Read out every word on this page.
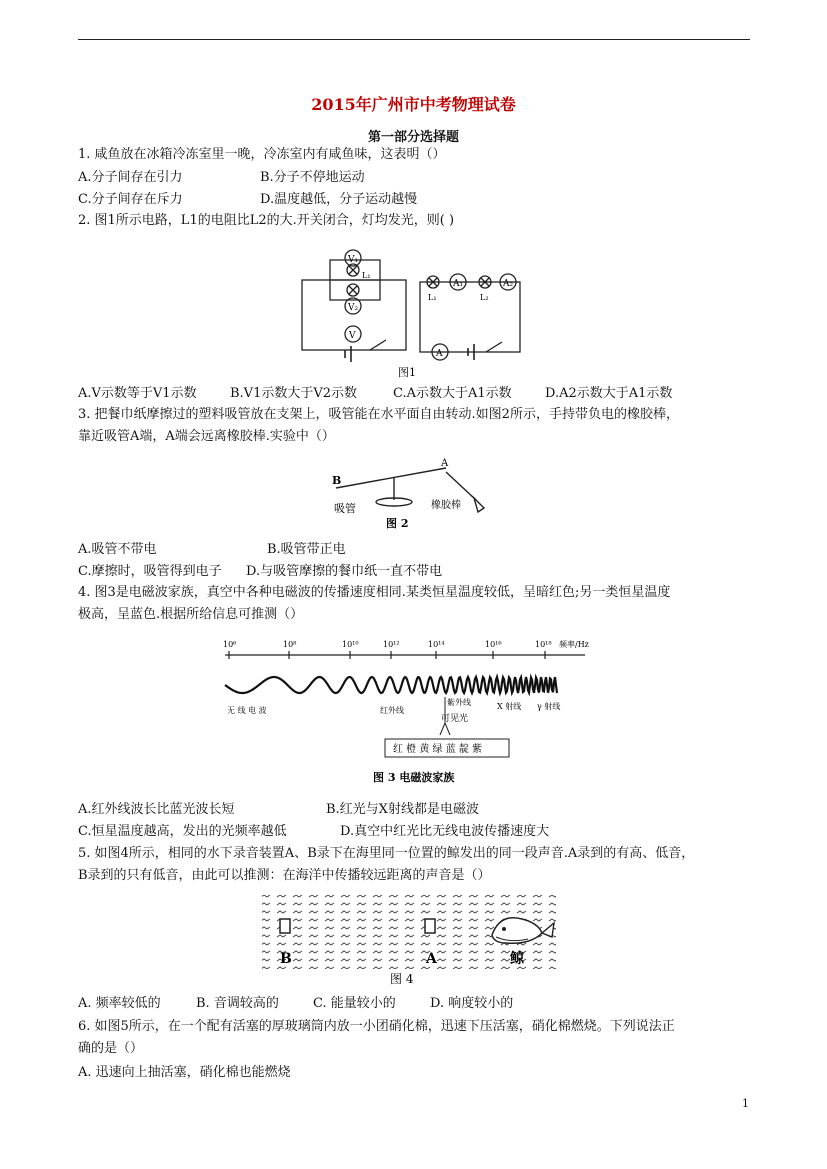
2015年广州市中考物理试卷
第一部分选择题
1. 咸鱼放在冰箱冷冻室里一晚，冷冻室内有咸鱼味，这表明（）
A.分子间存在引力	B.分子不停地运动
C.分子间存在斥力	D.温度越低，分子运动越慢
2. 图1所示电路，L1的电阻比L2的大.开关闭合，灯均发光，则( )
V₁
V₂
V
L₁
A₁	A₂
A
L₁	L₂
图1
A.V示数等于V1示数	B.V1示数大于V2示数	C.A示数大于A1示数	D.A2示数大于A1示数
3. 把餐巾纸摩擦过的塑料吸管放在支架上，吸管能在水平面自由转动.如图2所示，手持带负电的橡胶棒，
靠近吸管A端，A端会远离橡胶棒.实验中（）
B
A
吸管	橡胶棒
图 2
A.吸管不带电	B.吸管带正电
C.摩擦时，吸管得到电子 D.与吸管摩擦的餐巾纸一直不带电
4. 图3是电磁波家族，真空中各种电磁波的传播速度相同.某类恒星温度较低，呈暗红色;另一类恒星温度
极高，呈蓝色.根据所给信息可推测（）
10⁶	10⁸	10¹⁰	10¹²	10¹⁴	10¹⁶	10¹⁸ 频率/Hz
无 线 电 波	红外线
紫外线	X 射线 γ 射线
可见光
红 橙 黄 绿 蓝 靛 紫
图 3 电磁波家族
A.红外线波长比蓝光波长短	B.红光与X射线都是电磁波
C.恒星温度越高，发出的光频率越低	D.真空中红光比无线电波传播速度大
5. 如图4所示，相同的水下录音装置A、B录下在海里同一位置的鲸发出的同一段声音.A录到的有高、低音，
B录到的只有低音，由此可以推测：在海洋中传播较远距离的声音是（）
B	A	鲸
图 4
A. 频率较低的	B. 音调较高的	C. 能量较小的	D. 响度较小的
6. 如图5所示，在一个配有活塞的厚玻璃筒内放一小团硝化棉，迅速下压活塞，硝化棉燃烧。下列说法正
确的是（）
A. 迅速向上抽活塞，硝化棉也能燃烧
1
